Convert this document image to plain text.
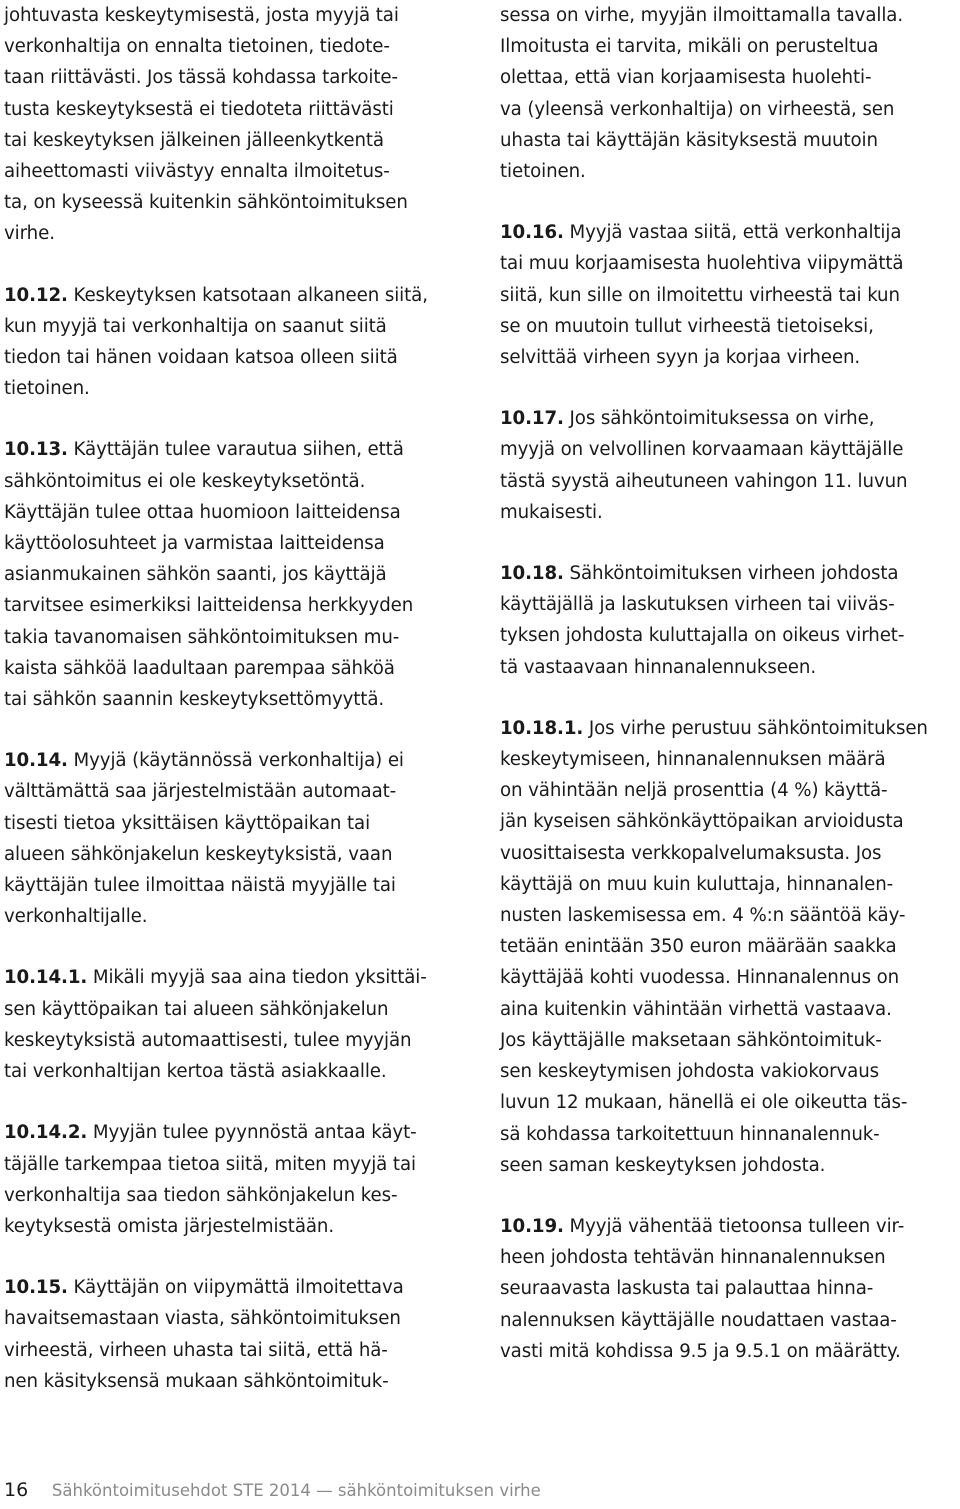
johtuvasta keskeytymisestä, josta myyjä tai
verkonhaltija on ennalta tietoinen, tiedote-
taan riittävästi. Jos tässä kohdassa tarkoite-
tusta keskeytyksestä ei tiedoteta riittävästi
tai keskeytyksen jälkeinen jälleenkytkentä
aiheettomasti viivästyy ennalta ilmoitetus-
ta, on kyseessä kuitenkin sähköntoimituksen
virhe.

10.12. Keskeytyksen katsotaan alkaneen siitä,
kun myyjä tai verkonhaltija on saanut siitä
tiedon tai hänen voidaan katsoa olleen siitä
tietoinen.

10.13. Käyttäjän tulee varautua siihen, että
sähköntoimitus ei ole keskeytyksetöntä.
Käyttäjän tulee ottaa huomioon laitteidensa
käyttöolosuhteet ja varmistaa laitteidensa
asianmukainen sähkön saanti, jos käyttäjä
tarvitsee esimerkiksi laitteidensa herkkyyden
takia tavanomaisen sähköntoimituksen mu-
kaista sähköä laadultaan parempaa sähköä
tai sähkön saannin keskeytyksettömyyttä.

10.14. Myyjä (käytännössä verkonhaltija) ei
välttämättä saa järjestelmistään automaat-
tisesti tietoa yksittäisen käyttöpaikan tai
alueen sähkönjakelun keskeytyksistä, vaan
käyttäjän tulee ilmoittaa näistä myyjälle tai
verkonhaltijalle.

10.14.1. Mikäli myyjä saa aina tiedon yksittäi-
sen käyttöpaikan tai alueen sähkönjakelun
keskeytyksistä automaattisesti, tulee myyjän
tai verkonhaltijan kertoa tästä asiakkaalle.

10.14.2. Myyjän tulee pyynnöstä antaa käyt-
täjälle tarkempaa tietoa siitä, miten myyjä tai
verkonhaltija saa tiedon sähkönjakelun kes-
keytyksestä omista järjestelmistään.

10.15. Käyttäjän on viipymättä ilmoitettava
havaitsemastaan viasta, sähköntoimituksen
virheestä, virheen uhasta tai siitä, että hä-
nen käsityksensä mukaan sähköntoimituk-

sessa on virhe, myyjän ilmoittamalla tavalla.
Ilmoitusta ei tarvita, mikäli on perusteltua
olettaa, että vian korjaamisesta huolehti-
va (yleensä verkonhaltija) on virheestä, sen
uhasta tai käyttäjän käsityksestä muutoin
tietoinen.

10.16. Myyjä vastaa siitä, että verkonhaltija
tai muu korjaamisesta huolehtiva viipymättä
siitä, kun sille on ilmoitettu virheestä tai kun
se on muutoin tullut virheestä tietoiseksi,
selvittää virheen syyn ja korjaa virheen.

10.17. Jos sähköntoimituksessa on virhe,
myyjä on velvollinen korvaamaan käyttäjälle
tästä syystä aiheutuneen vahingon 11. luvun
mukaisesti.

10.18. Sähköntoimituksen virheen johdosta
käyttäjällä ja laskutuksen virheen tai viiväs-
tyksen johdosta kuluttajalla on oikeus virhet-
tä vastaavaan hinnanalennukseen.

10.18.1. Jos virhe perustuu sähköntoimituksen
keskeytymiseen, hinnanalennuksen määrä
on vähintään neljä prosenttia (4 %) käyttä-
jän kyseisen sähkönkäyttöpaikan arvioidusta
vuosittaisesta verkkopalvelumaksusta. Jos
käyttäjä on muu kuin kuluttaja, hinnanalen-
nusten laskemisessa em. 4 %:n sääntöä käy-
tetään enintään 350 euron määrään saakka
käyttäjää kohti vuodessa. Hinnanalennus on
aina kuitenkin vähintään virhettä vastaava.
Jos käyttäjälle maksetaan sähköntoimituk-
sen keskeytymisen johdosta vakiokorvaus
luvun 12 mukaan, hänellä ei ole oikeutta täs-
sä kohdassa tarkoitettuun hinnanalennuk-
seen saman keskeytyksen johdosta.

10.19. Myyjä vähentää tietoonsa tulleen vir-
heen johdosta tehtävän hinnanalennuksen
seuraavasta laskusta tai palauttaa hinna-
nalennuksen käyttäjälle noudattaen vastaa-
vasti mitä kohdissa 9.5 ja 9.5.1 on määrätty.

16 Sähköntoimitusehdot STE 2014 — sähköntoimituksen virhe
